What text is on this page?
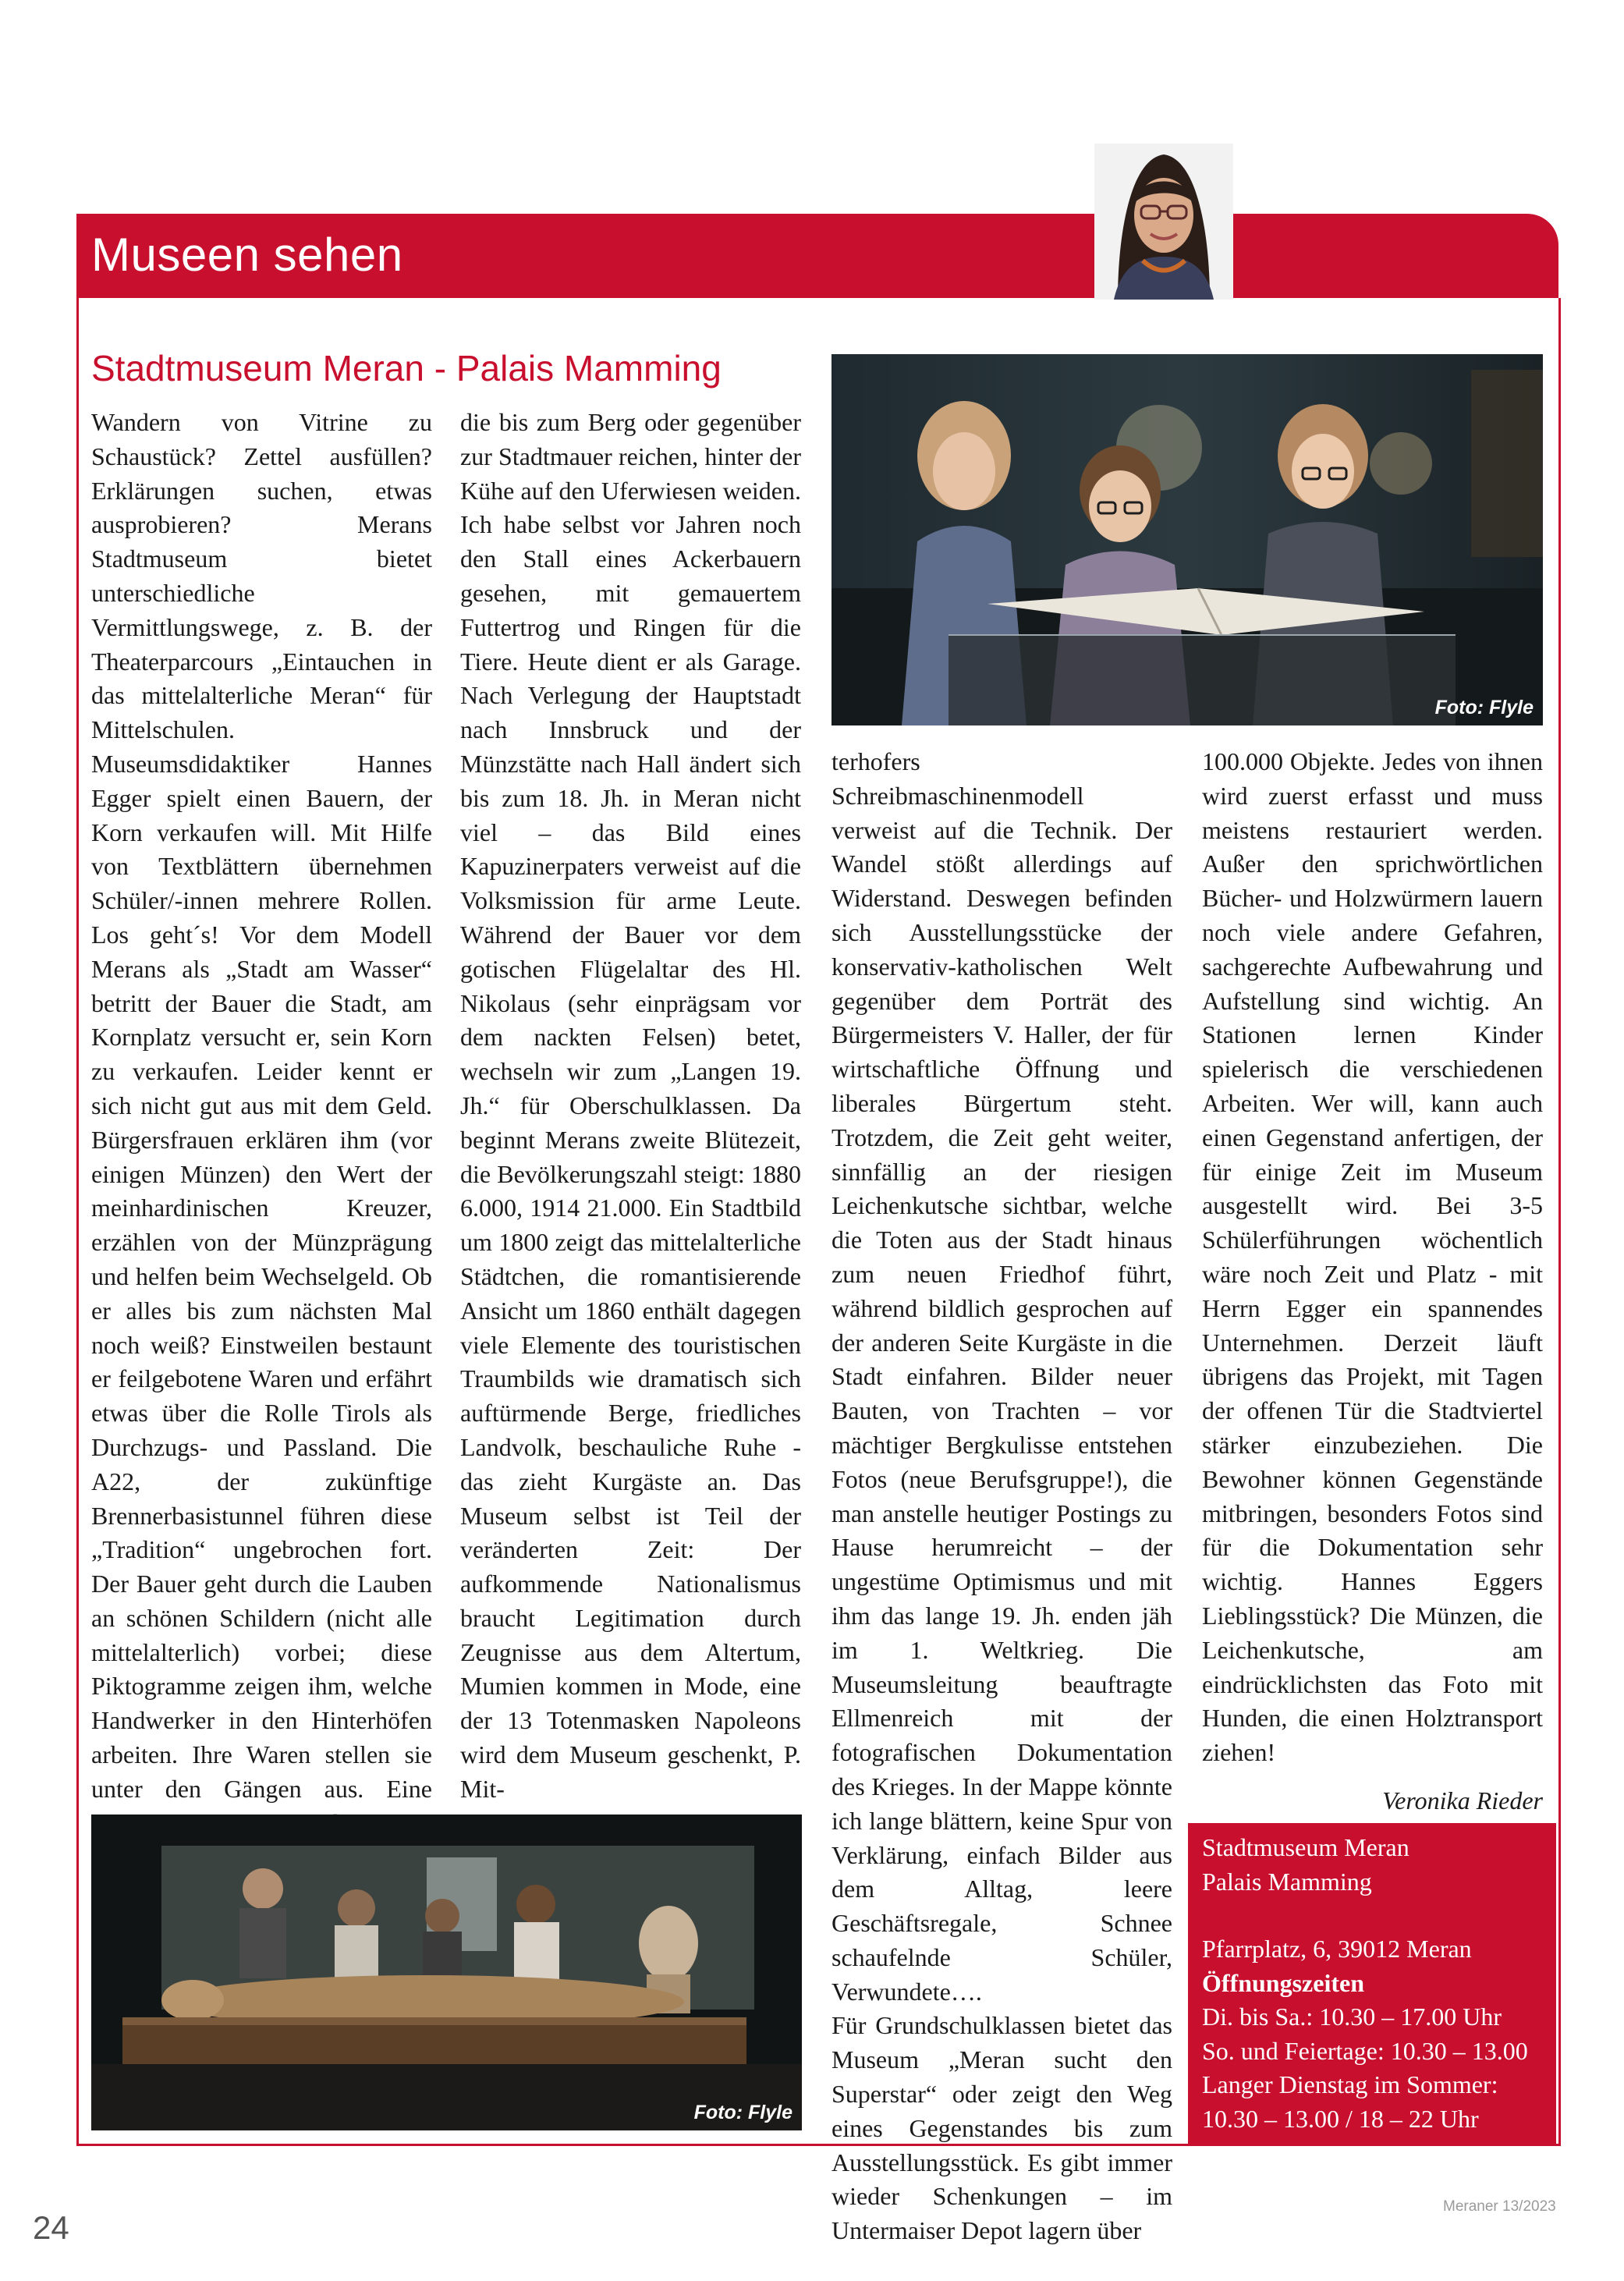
Museen sehen
Stadtmuseum Meran - Palais Mamming

Wandern von Vitrine zu Schaustück? Zettel ausfüllen? Erklärungen suchen, etwas ausprobieren? Merans Stadtmuseum bietet unterschiedliche Vermittlungswege, z. B. der Theaterparcours „Eintauchen in das mittelalterliche Meran“ für Mittelschulen. Museumsdidaktiker Hannes Egger spielt einen Bauern, der Korn verkaufen will. Mit Hilfe von Textblättern übernehmen Schüler/-innen mehrere Rollen. Los geht´s! Vor dem Modell Merans als „Stadt am Wasser“ betritt der Bauer die Stadt, am Kornplatz versucht er, sein Korn zu verkaufen. Leider kennt er sich nicht gut aus mit dem Geld. Bürgersfrauen erklären ihm (vor einigen Münzen) den Wert der meinhardinischen Kreuzer, erzählen von der Münzprägung und helfen beim Wechselgeld. Ob er alles bis zum nächsten Mal noch weiß? Einstweilen bestaunt er feilgebotene Waren und erfährt etwas über die Rolle Tirols als Durchzugs- und Passland. Die A22, der zukünftige Brennerbasistunnel führen diese „Tradition“ ungebrochen fort. Der Bauer geht durch die Lauben an schönen Schildern (nicht alle mittelalterlich) vorbei; diese Piktogramme zeigen ihm, welche Handwerker in den Hinterhöfen arbeiten. Ihre Waren stellen sie unter den Gängen aus. Eine

die bis zum Berg oder gegenüber zur Stadtmauer reichen, hinter der Kühe auf den Uferwiesen weiden. Ich habe selbst vor Jahren noch den Stall eines Ackerbauern gesehen, mit gemauertem Futtertrog und Ringen für die Tiere. Heute dient er als Garage. Nach Verlegung der Hauptstadt nach Innsbruck und der Münzstätte nach Hall ändert sich bis zum 18. Jh. in Meran nicht viel – das Bild eines Kapuzinerpaters verweist auf die Volksmission für arme Leute. Während der Bauer vor dem gotischen Flügelaltar des Hl. Nikolaus (sehr einprägsam vor dem nackten Felsen) betet, wechseln wir zum „Langen 19. Jh.“ für Oberschulklassen. Da beginnt Merans zweite Blütezeit, die Bevölkerungszahl steigt: 1880 6.000, 1914 21.000. Ein Stadtbild um 1800 zeigt das mittelalterliche Städtchen, die romantisierende Ansicht um 1860 enthält dagegen viele Elemente des touristischen Traumbilds wie dramatisch sich auftürmende Berge, friedliches Landvolk, beschauliche Ruhe - das zieht Kurgäste an. Das Museum selbst ist Teil der veränderten Zeit: Der aufkommende Nationalismus braucht Legitimation durch Zeugnisse aus dem Altertum, Mumien kommen in Mode, eine der 13 Totenmasken Napoleons wird dem Museum geschenkt, P. Mit-

terhofers Schreibmaschinenmodell verweist auf die Technik. Der Wandel stößt allerdings auf Widerstand. Deswegen befinden sich Ausstellungsstücke der konservativ-katholischen Welt gegenüber dem Porträt des Bürgermeisters V. Haller, der für wirtschaftliche Öffnung und liberales Bürgertum steht. Trotzdem, die Zeit geht weiter, sinnfällig an der riesigen Leichenkutsche sichtbar, welche die Toten aus der Stadt hinaus zum neuen Friedhof führt, während bildlich gesprochen auf der anderen Seite Kurgäste in die Stadt einfahren. Bilder neuer Bauten, von Trachten – vor mächtiger Bergkulisse entstehen Fotos (neue Berufsgruppe!), die man anstelle heutiger Postings zu Hause herumreicht – der ungestüme Optimismus und mit ihm das lange 19. Jh. enden jäh im 1. Weltkrieg. Die Museumsleitung beauftragte Ellmenreich mit der fotografischen Dokumentation des Krieges. In der Mappe könnte ich lange blättern, keine Spur von Verklärung, einfach Bilder aus dem Alltag, leere Geschäftsregale, Schnee schaufelnde Schüler, Verwundete….

Für Grundschulklassen bietet das Museum „Meran sucht den Superstar“ oder zeigt den Weg eines Gegenstandes bis zum Ausstellungsstück. Es gibt immer wieder Schenkungen – im Untermaiser Depot lagern über

100.000 Objekte. Jedes von ihnen wird zuerst erfasst und muss meistens restauriert werden. Außer den sprichwörtlichen Bücher- und Holzwürmern lauern noch viele andere Gefahren, sachgerechte Aufbewahrung und Aufstellung sind wichtig. An Stationen lernen Kinder spielerisch die verschiedenen Arbeiten. Wer will, kann auch einen Gegenstand anfertigen, der für einige Zeit im Museum ausgestellt wird. Bei 3-5 Schülerführungen wöchentlich wäre noch Zeit und Platz - mit Herrn Egger ein spannendes Unternehmen. Derzeit läuft übrigens das Projekt, mit Tagen der offenen Tür die Stadtviertel stärker einzubeziehen. Die Bewohner können Gegenstände mitbringen, besonders Fotos sind für die Dokumentation sehr wichtig. Hannes Eggers Lieblingsstück? Die Münzen, die Leichenkutsche, am eindrücklichsten das Foto mit Hunden, die einen Holztransport ziehen!

Veronika Rieder

Foto: Flyle
Foto: Flyle
Stadtmuseum Meran
Palais Mamming
Pfarrplatz, 6, 39012 Meran
Öffnungszeiten
Di. bis Sa.: 10.30 – 17.00 Uhr
So. und Feiertage: 10.30 – 13.00
Langer Dienstag im Sommer:
10.30 – 13.00 / 18 – 22 Uhr
24
Meraner 13/2023
